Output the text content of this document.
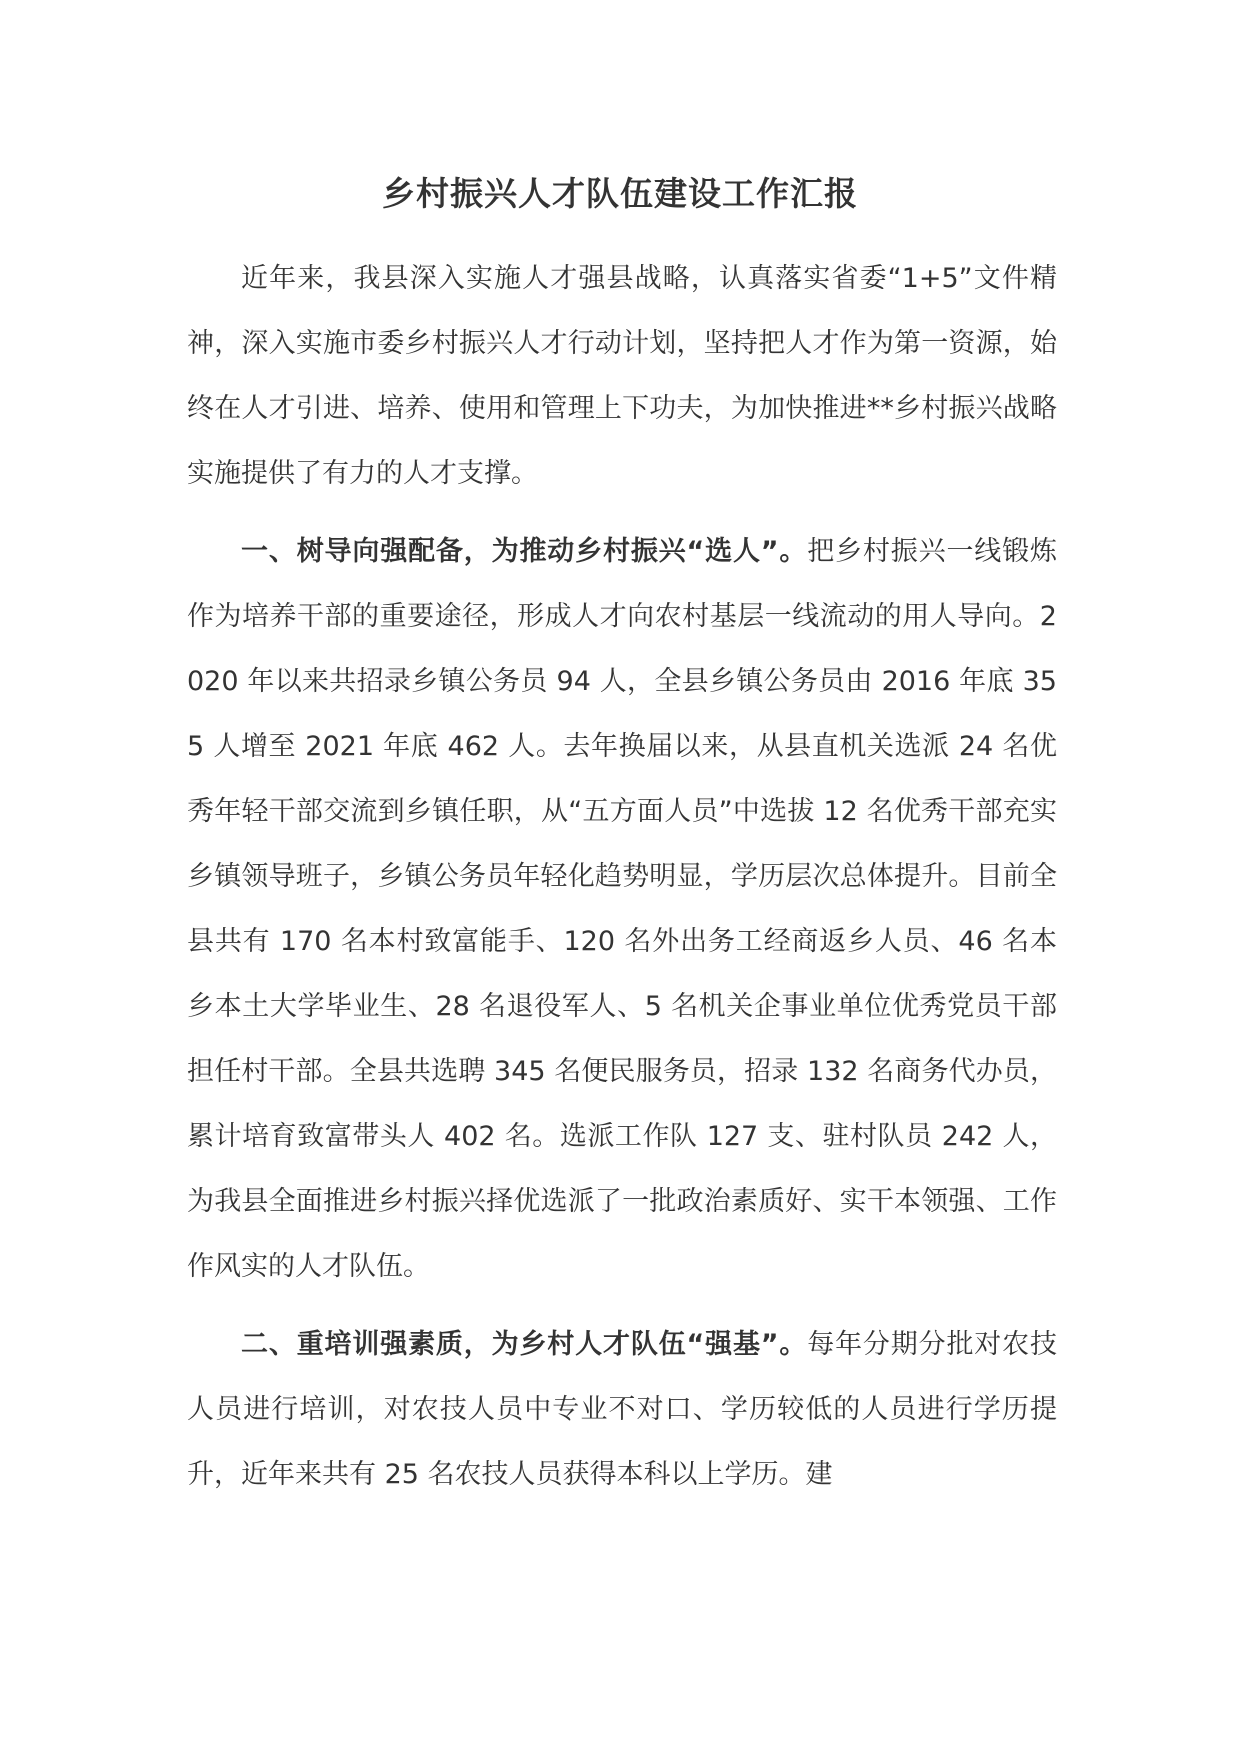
乡村振兴人才队伍建设工作汇报

近年来，我县深入实施人才强县战略，认真落实省委“1+5”文件精神，深入实施市委乡村振兴人才行动计划，坚持把人才作为第一资源，始终在人才引进、培养、使用和管理上下功夫，为加快推进**乡村振兴战略实施提供了有力的人才支撑。

一、树导向强配备，为推动乡村振兴“选人”。把乡村振兴一线锻炼作为培养干部的重要途径，形成人才向农村基层一线流动的用人导向。2020 年以来共招录乡镇公务员 94 人，全县乡镇公务员由 2016 年底 355 人增至 2021 年底 462 人。去年换届以来，从县直机关选派 24 名优秀年轻干部交流到乡镇任职，从“五方面人员”中选拔 12 名优秀干部充实乡镇领导班子，乡镇公务员年轻化趋势明显，学历层次总体提升。目前全县共有 170 名本村致富能手、120 名外出务工经商返乡人员、46 名本乡本土大学毕业生、28 名退役军人、5 名机关企事业单位优秀党员干部担任村干部。全县共选聘 345 名便民服务员，招录 132 名商务代办员，累计培育致富带头人 402 名。选派工作队 127 支、驻村队员 242 人，为我县全面推进乡村振兴择优选派了一批政治素质好、实干本领强、工作作风实的人才队伍。

二、重培训强素质，为乡村人才队伍“强基”。每年分期分批对农技人员进行培训，对农技人员中专业不对口、学历较低的人员进行学历提升，近年来共有 25 名农技人员获得本科以上学历。建
